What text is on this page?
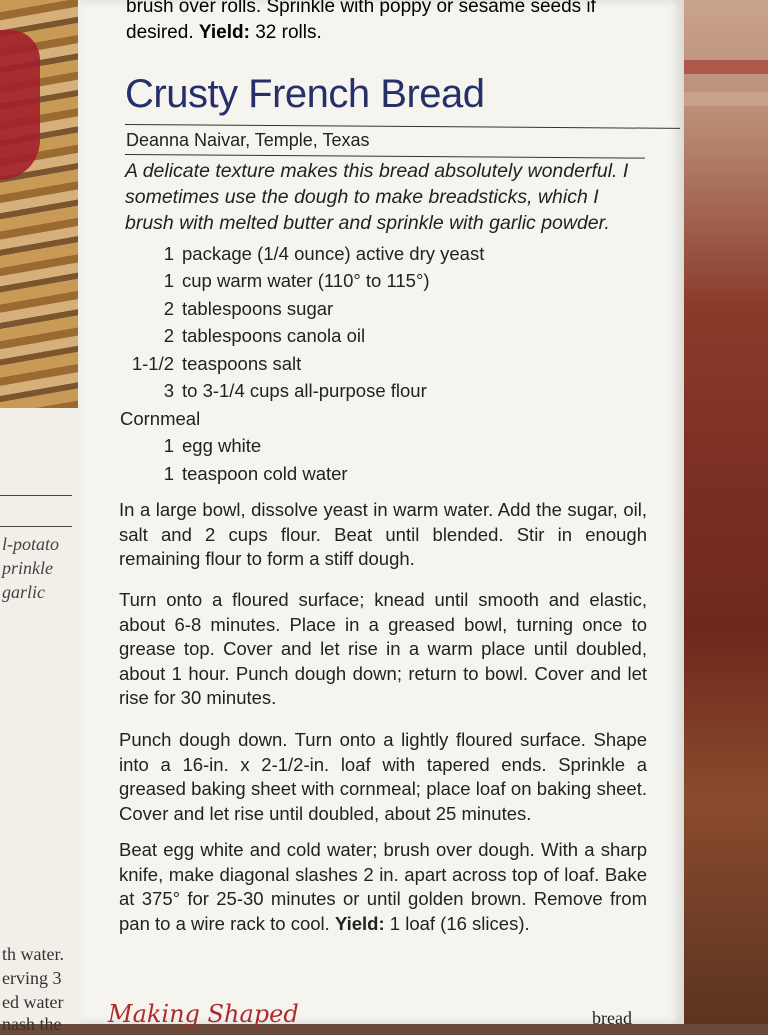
l-potato
prinkle
garlic
th water.
erving 3
ed water
nash the
brush over rolls. Sprinkle with poppy or sesame seeds if
desired. Yield: 32 rolls.
Crusty French Bread
Deanna Naivar, Temple, Texas
A delicate texture makes this bread absolutely wonderful. I sometimes use the dough to make breadsticks, which I brush with melted butter and sprinkle with garlic powder.
1 package (1/4 ounce) active dry yeast
1 cup warm water (110° to 115°)
2 tablespoons sugar
2 tablespoons canola oil
1-1/2 teaspoons salt
3 to 3-1/4 cups all-purpose flour
Cornmeal
1 egg white
1 teaspoon cold water
In a large bowl, dissolve yeast in warm water. Add the sugar, oil, salt and 2 cups flour. Beat until blended. Stir in enough remaining flour to form a stiff dough.
Turn onto a floured surface; knead until smooth and elastic, about 6-8 minutes. Place in a greased bowl, turning once to grease top. Cover and let rise in a warm place until doubled, about 1 hour. Punch dough down; return to bowl. Cover and let rise for 30 minutes.
Punch dough down. Turn onto a lightly floured surface. Shape into a 16-in. x 2-1/2-in. loaf with tapered ends. Sprinkle a greased baking sheet with cornmeal; place loaf on baking sheet. Cover and let rise until doubled, about 25 minutes.
Beat egg white and cold water; brush over dough. With a sharp knife, make diagonal slashes 2 in. apart across top of loaf. Bake at 375° for 25-30 minutes or until golden brown. Remove from pan to a wire rack to cool. Yield: 1 loaf (16 slices).
Making Shaped	bread
